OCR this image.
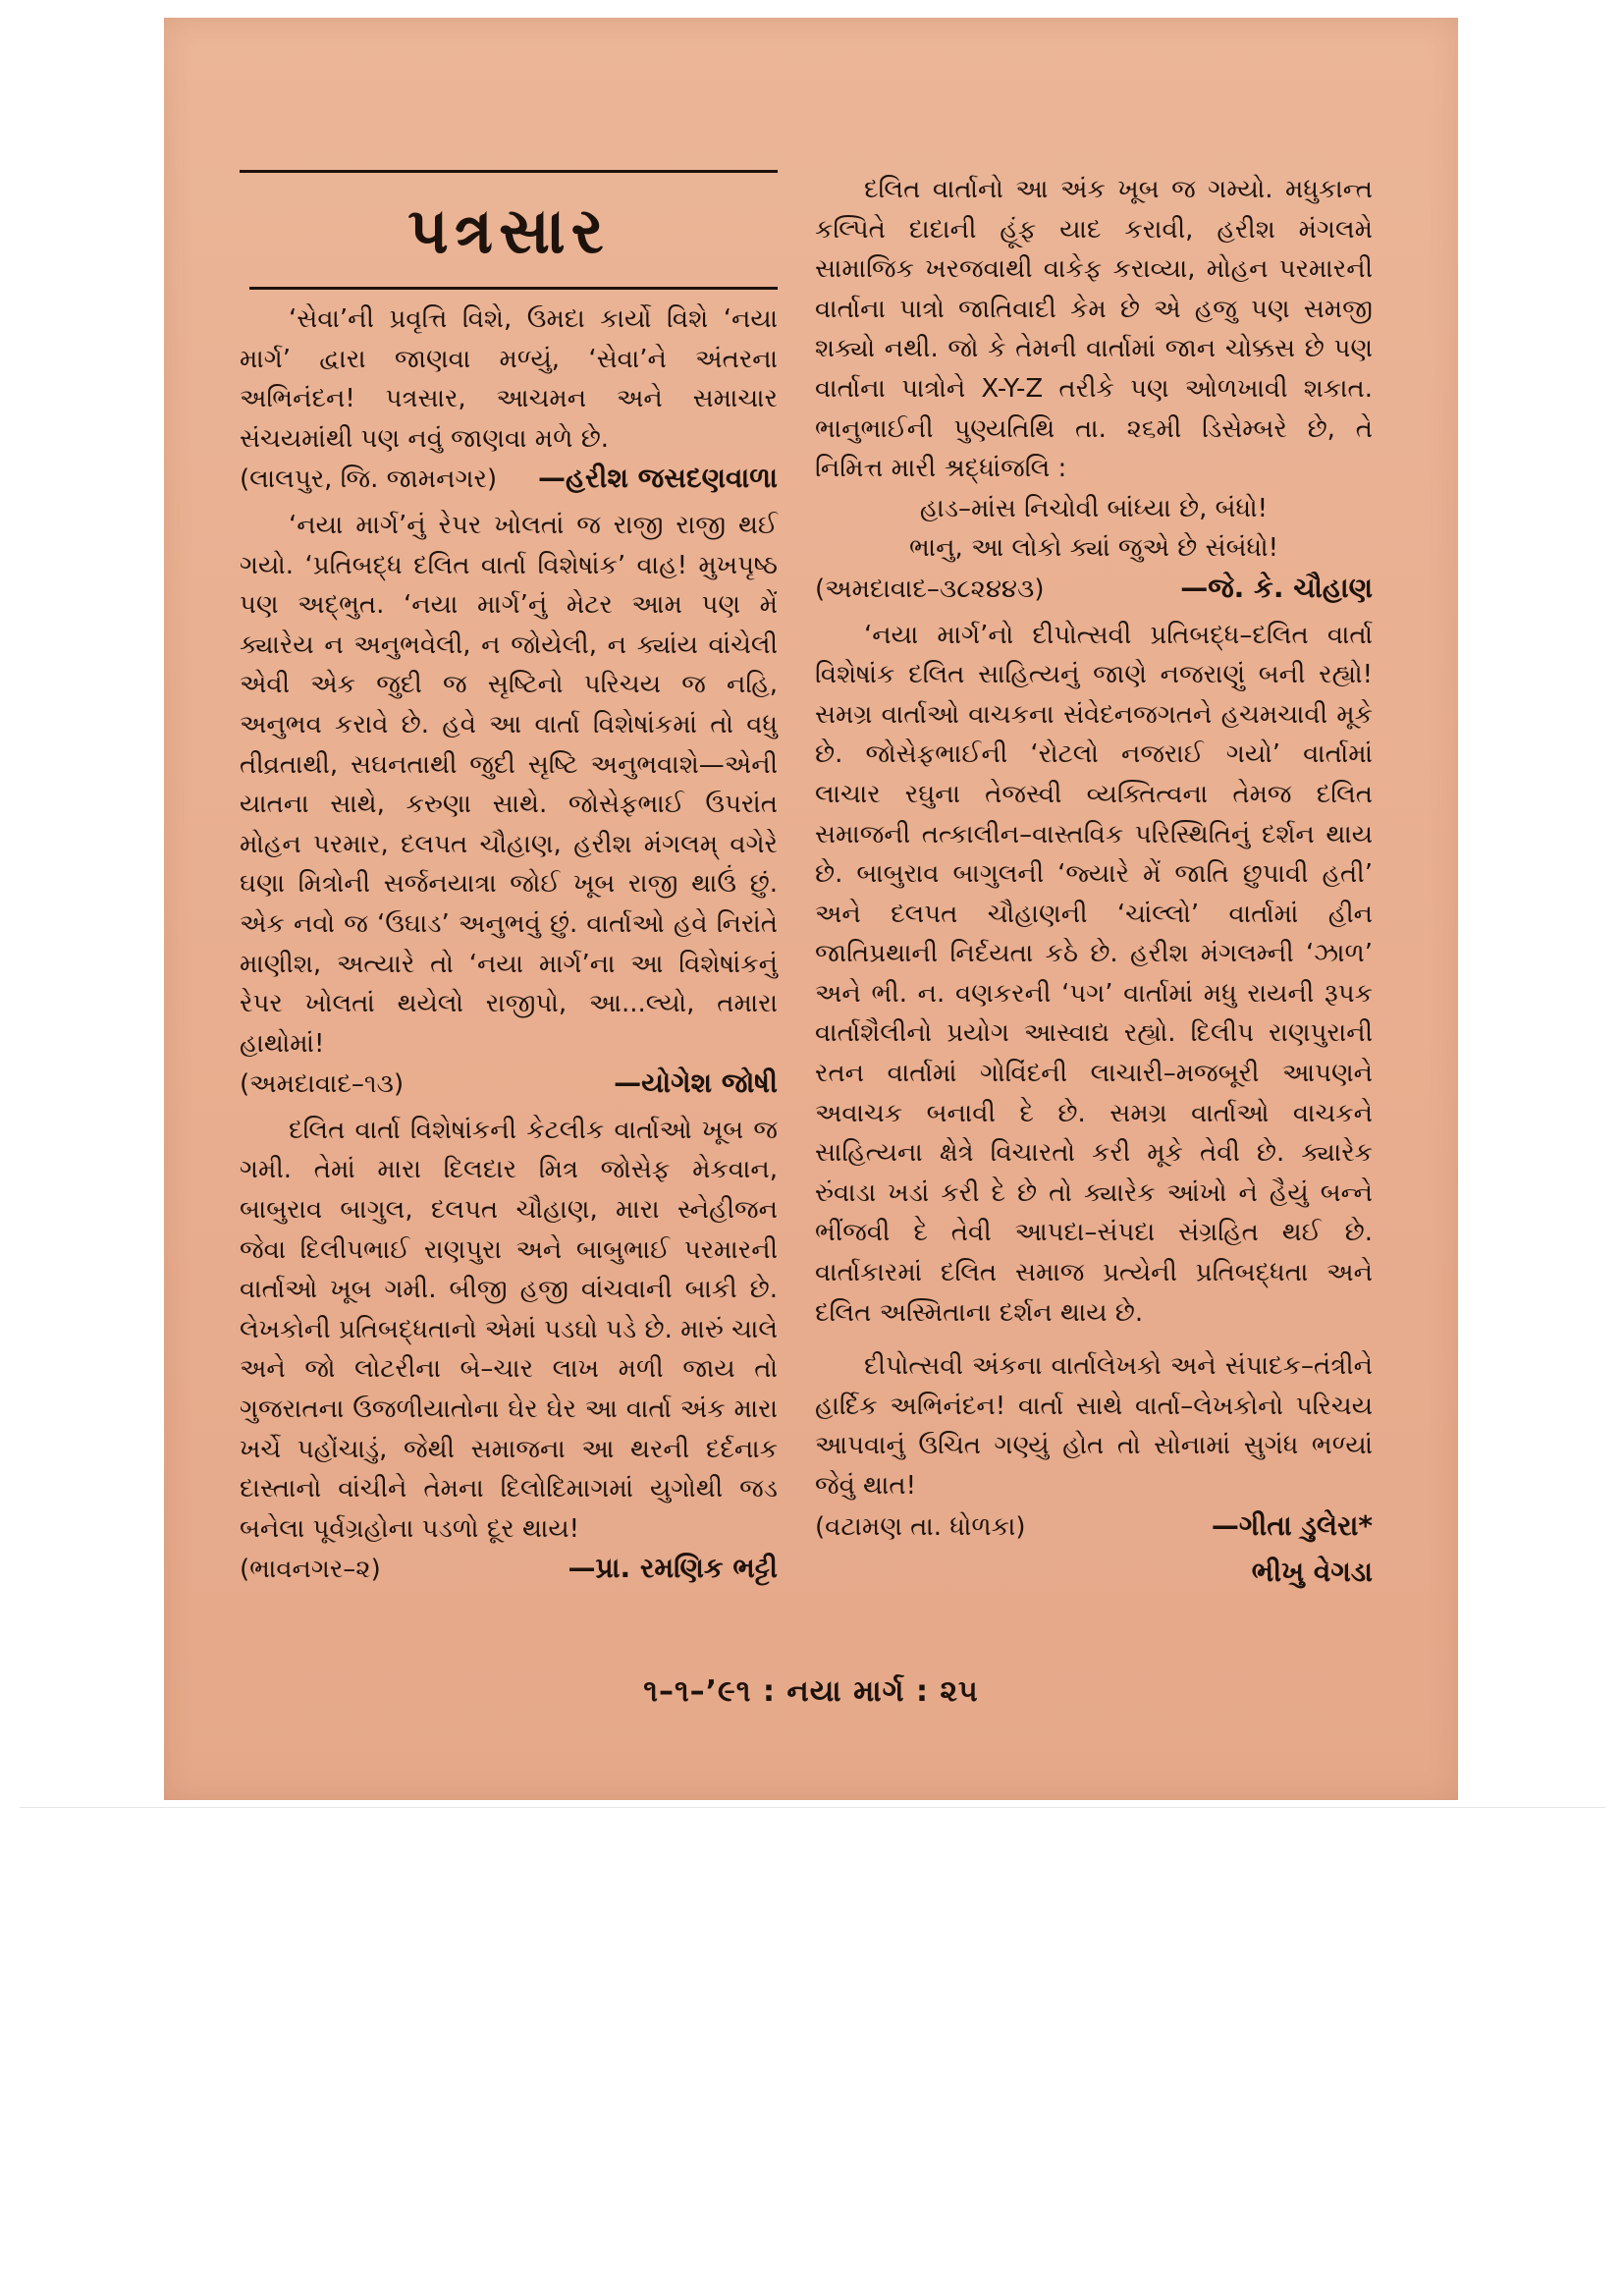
પત્રસાર

‘સેવા’ની પ્રવૃત્તિ વિશે, ઉમદા કાર્યો વિશે ‘નયા માર્ગ’ દ્વારા જાણવા મળ્યું, ‘સેવા’ને અંતરના અભિનંદન! પત્રસાર, આચમન અને સમાચાર સંચયમાંથી પણ નવું જાણવા મળે છે.

(લાલપુર, જિ. જામનગર) —હરીશ જસદણવાળા

‘નયા માર્ગ’નું રેપર ખોલતાં જ રાજી રાજી થઈ ગયો. ‘પ્રતિબદ્ધ દલિત વાર્તા વિશેષાંક’ વાહ! મુખપૃષ્ઠ પણ અદ્ભુત. ‘નયા માર્ગ’નું મેટર આમ પણ મેં ક્યારેય ન અનુભવેલી, ન જોયેલી, ન ક્યાંય વાંચેલી એવી એક જુદી જ સૃષ્ટિનો પરિચય જ નહિ, અનુભવ કરાવે છે. હવે આ વાર્તા વિશેષાંકમાં તો વધુ તીવ્રતાથી, સઘનતાથી જુદી સૃષ્ટિ અનુભવાશે—એની યાતના સાથે, કરુણા સાથે. જોસેફભાઈ ઉપરાંત મોહન પરમાર, દલપત ચૌહાણ, હરીશ મંગલમ્ વગેરે ઘણા મિત્રોની સર્જનયાત્રા જોઈ ખૂબ રાજી થાઉં છું. એક નવો જ ‘ઉઘાડ’ અનુભવું છું. વાર્તાઓ હવે નિરાંતે માણીશ, અત્યારે તો ‘નયા માર્ગ’ના આ વિશેષાંકનું રેપર ખોલતાં થયેલો રાજીપો, આ...લ્યો, તમારા હાથોમાં!

(અમદાવાદ–૧૩)	—યોગેશ જોષી

દલિત વાર્તા વિશેષાંકની કેટલીક વાર્તાઓ ખૂબ જ ગમી. તેમાં મારા દિલદાર મિત્ર જોસેફ મેકવાન, બાબુરાવ બાગુલ, દલપત ચૌહાણ, મારા સ્નેહીજન જેવા દિલીપભાઈ રાણપુરા અને બાબુભાઈ પરમારની વાર્તાઓ ખૂબ ગમી. બીજી હજી વાંચવાની બાકી છે. લેખકોની પ્રતિબદ્ધતાનો એમાં પડઘો પડે છે. મારું ચાલે અને જો લોટરીના બે–ચાર લાખ મળી જાય તો ગુજરાતના ઉજળીયાતોના ઘેર ઘેર આ વાર્તા અંક મારા ખર્ચે પહોંચાડું, જેથી સમાજના આ થરની દર્દનાક દાસ્તાનો વાંચીને તેમના દિલોદિમાગમાં યુગોથી જડ બનેલા પૂર્વગ્રહોના પડળો દૂર થાય!

(ભાવનગર–૨)	—પ્રા. રમણિક ભટ્ટી

દલિત વાર્તાનો આ અંક ખૂબ જ ગમ્યો. મધુકાન્ત કલ્પિતે દાદાની હૂંફ યાદ કરાવી, હરીશ મંગલમે સામાજિક ખરજવાથી વાકેફ કરાવ્યા, મોહન પરમારની વાર્તાના પાત્રો જાતિવાદી કેમ છે એ હજુ પણ સમજી શક્યો નથી. જો કે તેમની વાર્તામાં જાન ચોક્કસ છે પણ વાર્તાના પાત્રોને X-Y-Z તરીકે પણ ઓળખાવી શકાત. ભાનુભાઈની પુણ્યતિથિ તા. ૨૬મી ડિસેમ્બરે છે, તે નિમિત્ત મારી શ્રદ્ધાંજલિ :

હાડ–માંસ નિચોવી બાંધ્યા છે, બંધો!

ભાનુ, આ લોકો ક્યાં જુએ છે સંબંધો!

(અમદાવાદ–૩૮૨૪૪૩)	—જે. કે. ચૌહાણ

‘નયા માર્ગ’નો દીપોત્સવી પ્રતિબદ્ધ–દલિત વાર્તા વિશેષાંક દલિત સાહિત્યનું જાણે નજરાણું બની રહ્યો! સમગ્ર વાર્તાઓ વાચકના સંવેદનજગતને હચમચાવી મૂકે છે. જોસેફભાઈની ‘રોટલો નજરાઈ ગયો’ વાર્તામાં લાચાર રઘુના તેજસ્વી વ્યક્તિત્વના તેમજ દલિત સમાજની તત્કાલીન–વાસ્તવિક પરિસ્થિતિનું દર્શન થાય છે. બાબુરાવ બાગુલની ‘જ્યારે મેં જાતિ છુપાવી હતી’ અને દલપત ચૌહાણની ‘ચાંલ્લો’ વાર્તામાં હીન જાતિપ્રથાની નિર્દયતા કઠે છે. હરીશ મંગલમ્ની ‘ઝાળ’ અને ભી. ન. વણકરની ‘પગ’ વાર્તામાં મધુ રાયની રૂપક વાર્તાશૈલીનો પ્રયોગ આસ્વાદ્ય રહ્યો. દિલીપ રાણપુરાની રતન વાર્તામાં ગોવિંદની લાચારી–મજબૂરી આપણને અવાચક બનાવી દે છે. સમગ્ર વાર્તાઓ વાચકને સાહિત્યના ક્ષેત્રે વિચારતો કરી મૂકે તેવી છે. ક્યારેક રુંવાડા ખડાં કરી દે છે તો ક્યારેક આંખો ને હૈયું બન્ને ભીંજવી દે તેવી આપદા–સંપદા સંગ્રહિત થઈ છે. વાર્તાકારમાં દલિત સમાજ પ્રત્યેની પ્રતિબદ્ધતા અને દલિત અસ્મિતાના દર્શન થાય છે.

દીપોત્સવી અંકના વાર્તાલેખકો અને સંપાદક–તંત્રીને હાર્દિક અભિનંદન! વાર્તા સાથે વાર્તા–લેખકોનો પરિચય આપવાનું ઉચિત ગણ્યું હોત તો સોનામાં સુગંધ ભળ્યાં જેવું થાત!

(વટામણ તા. ધોળકા)	—ગીતા ડુલેરા*
ભીખુ વેગડા
૧–૧–’૯૧ : નયા માર્ગ : ૨૫
